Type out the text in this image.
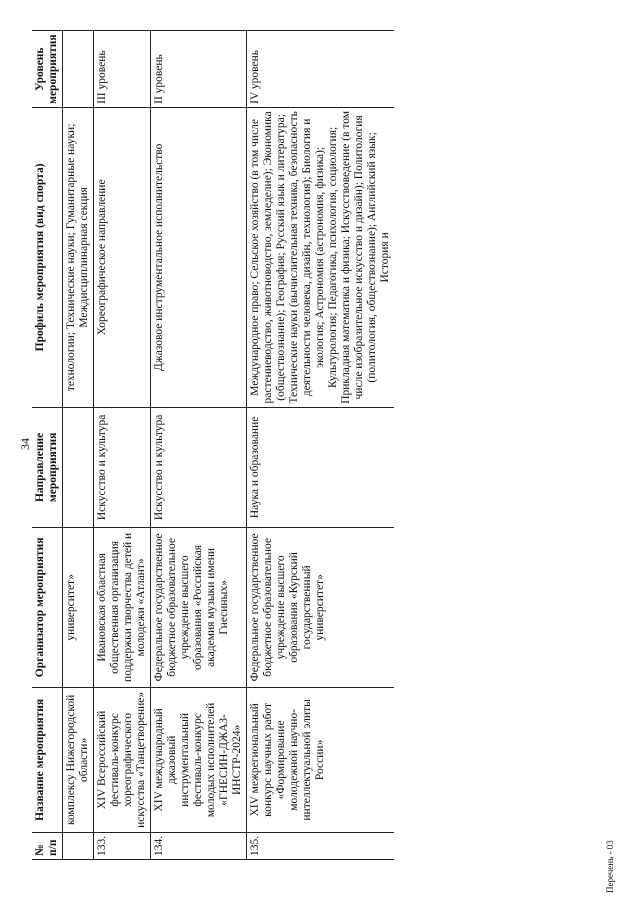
34
№ п/п	Название мероприятия	Организатор мероприятия	Направление мероприятия	Профиль мероприятия (вид спорта)	Уровень мероприятия
	комплексу Нижегородской области»	университет»		технологии; Технические науки; Гуманитарные науки; Междисциплинарная секция	
133.	XIV Всероссийский фестиваль-конкурс хореографического искусства «Танцетворение»	Ивановская областная общественная организация поддержки творчества детей и молодежи «Атлант»	Искусство и культура	Хореографическое направление	III уровень
134.	XIV международный джазовый инструментальный фестиваль-конкурс молодых исполнителей «ГНЕСИН-ДЖАЗ-ИНСТР-2024»	Федеральное государственное бюджетное образовательное учреждение высшего образования «Российская академия музыки имени Гнесиных»	Искусство и культура	Джазовое инструментальное исполнительство	II уровень
135.	XIV межрегиональный конкурс научных работ «Формирование молодежной научно-интеллектуальной элиты России»	Федеральное государственное бюджетное образовательное учреждение высшего образования «Курский государственный университет»	Наука и образование	Международное право; Сельское хозяйство (в том числе растениеводство, животноводство, земледелие); Экономика (обществознание); География; Русский язык и литература; Технические науки (вычислительная техника, безопасность деятельности человека, дизайн, технология); Биология и экология; Астрономия (астрономия, физика); Культурология; Педагогика, психология, социология; Прикладная математика и физика; Искусствоведение (в том числе изобразительное искусство и дизайн); Политология (политология, обществознание); Английский язык; История и	IV уровень
Перечень - 03
